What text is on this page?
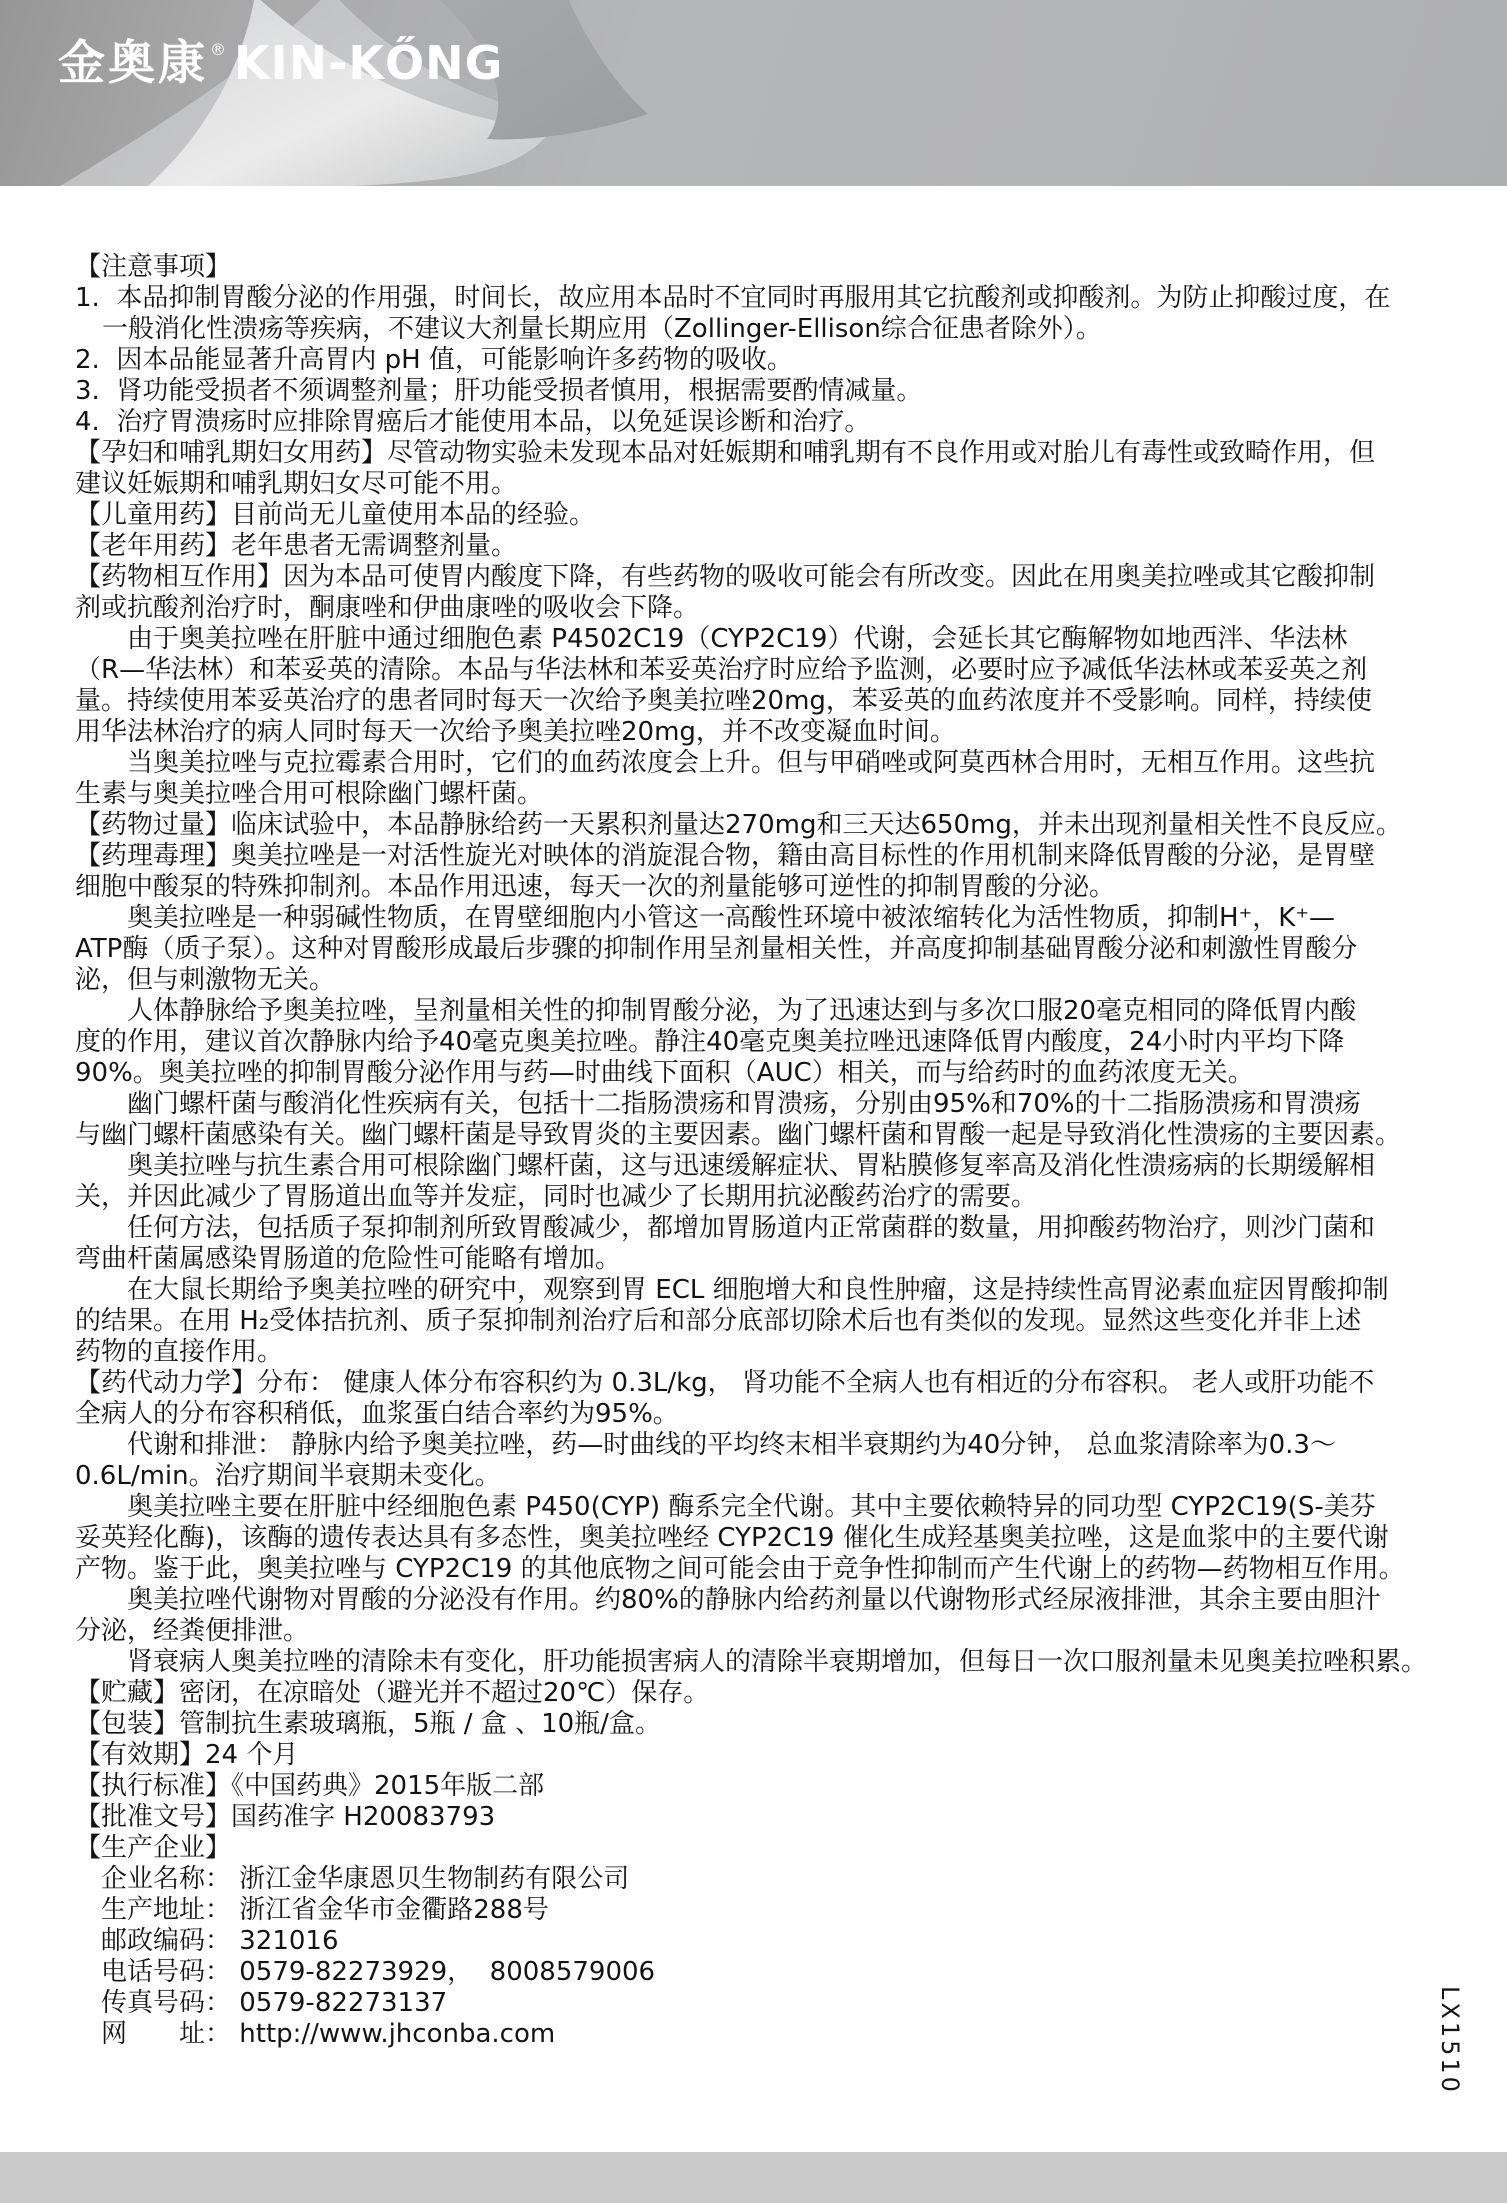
金奥康 ® KIN-KŐNG
【注意事项】
1.  本品抑制胃酸分泌的作用强，时间长，故应用本品时不宜同时再服用其它抗酸剂或抑酸剂。为防止抑酸过度，在
一般消化性溃疡等疾病，不建议大剂量长期应用（Zollinger-Ellison综合征患者除外）。
2.  因本品能显著升高胃内 pH 值，可能影响许多药物的吸收。
3.  肾功能受损者不须调整剂量；肝功能受损者慎用，根据需要酌情减量。
4.  治疗胃溃疡时应排除胃癌后才能使用本品，以免延误诊断和治疗。
【孕妇和哺乳期妇女用药】尽管动物实验未发现本品对妊娠期和哺乳期有不良作用或对胎儿有毒性或致畸作用，但
建议妊娠期和哺乳期妇女尽可能不用。
【儿童用药】目前尚无儿童使用本品的经验。
【老年用药】老年患者无需调整剂量。
【药物相互作用】因为本品可使胃内酸度下降，有些药物的吸收可能会有所改变。因此在用奥美拉唑或其它酸抑制
剂或抗酸剂治疗时，酮康唑和伊曲康唑的吸收会下降。
由于奥美拉唑在肝脏中通过细胞色素 P4502C19（CYP2C19）代谢，会延长其它酶解物如地西泮、华法林
（R—华法林）和苯妥英的清除。本品与华法林和苯妥英治疗时应给予监测，必要时应予减低华法林或苯妥英之剂
量。持续使用苯妥英治疗的患者同时每天一次给予奥美拉唑20mg，苯妥英的血药浓度并不受影响。同样，持续使
用华法林治疗的病人同时每天一次给予奥美拉唑20mg，并不改变凝血时间。
当奥美拉唑与克拉霉素合用时，它们的血药浓度会上升。但与甲硝唑或阿莫西林合用时，无相互作用。这些抗
生素与奥美拉唑合用可根除幽门螺杆菌。
【药物过量】临床试验中，本品静脉给药一天累积剂量达270mg和三天达650mg，并未出现剂量相关性不良反应。
【药理毒理】奥美拉唑是一对活性旋光对映体的消旋混合物，籍由高目标性的作用机制来降低胃酸的分泌，是胃壁
细胞中酸泵的特殊抑制剂。本品作用迅速，每天一次的剂量能够可逆性的抑制胃酸的分泌。
奥美拉唑是一种弱碱性物质，在胃壁细胞内小管这一高酸性环境中被浓缩转化为活性物质，抑制H⁺，K⁺—
ATP酶（质子泵）。这种对胃酸形成最后步骤的抑制作用呈剂量相关性，并高度抑制基础胃酸分泌和刺激性胃酸分
泌，但与刺激物无关。
人体静脉给予奥美拉唑，呈剂量相关性的抑制胃酸分泌，为了迅速达到与多次口服20毫克相同的降低胃内酸
度的作用，建议首次静脉内给予40毫克奥美拉唑。静注40毫克奥美拉唑迅速降低胃内酸度，24小时内平均下降
90%。奥美拉唑的抑制胃酸分泌作用与药—时曲线下面积（AUC）相关，而与给药时的血药浓度无关。
幽门螺杆菌与酸消化性疾病有关，包括十二指肠溃疡和胃溃疡，分别由95%和70%的十二指肠溃疡和胃溃疡
与幽门螺杆菌感染有关。幽门螺杆菌是导致胃炎的主要因素。幽门螺杆菌和胃酸一起是导致消化性溃疡的主要因素。
奥美拉唑与抗生素合用可根除幽门螺杆菌，这与迅速缓解症状、胃粘膜修复率高及消化性溃疡病的长期缓解相
关，并因此减少了胃肠道出血等并发症，同时也减少了长期用抗泌酸药治疗的需要。
任何方法，包括质子泵抑制剂所致胃酸减少，都增加胃肠道内正常菌群的数量，用抑酸药物治疗，则沙门菌和
弯曲杆菌属感染胃肠道的危险性可能略有增加。
在大鼠长期给予奥美拉唑的研究中，观察到胃 ECL 细胞增大和良性肿瘤，这是持续性高胃泌素血症因胃酸抑制
的结果。在用 H₂受体拮抗剂、质子泵抑制剂治疗后和部分底部切除术后也有类似的发现。显然这些变化并非上述
药物的直接作用。
【药代动力学】分布： 健康人体分布容积约为 0.3L/kg， 肾功能不全病人也有相近的分布容积。 老人或肝功能不
全病人的分布容积稍低，血浆蛋白结合率约为95%。
代谢和排泄： 静脉内给予奥美拉唑，药—时曲线的平均终末相半衰期约为40分钟， 总血浆清除率为0.3～
0.6L/min。治疗期间半衰期未变化。
奥美拉唑主要在肝脏中经细胞色素 P450(CYP) 酶系完全代谢。其中主要依赖特异的同功型 CYP2C19(S-美芬
妥英羟化酶)，该酶的遗传表达具有多态性，奥美拉唑经 CYP2C19 催化生成羟基奥美拉唑，这是血浆中的主要代谢
产物。鉴于此，奥美拉唑与 CYP2C19 的其他底物之间可能会由于竞争性抑制而产生代谢上的药物—药物相互作用。
奥美拉唑代谢物对胃酸的分泌没有作用。约80%的静脉内给药剂量以代谢物形式经尿液排泄，其余主要由胆汁
分泌，经粪便排泄。
肾衰病人奥美拉唑的清除未有变化，肝功能损害病人的清除半衰期增加，但每日一次口服剂量未见奥美拉唑积累。
【贮藏】密闭，在凉暗处（避光并不超过20℃）保存。
【包装】管制抗生素玻璃瓶，5瓶 / 盒 、10瓶/盒。
【有效期】24 个月
【执行标准】《中国药典》2015年版二部
【批准文号】国药准字 H20083793
【生产企业】
企业名称： 浙江金华康恩贝生物制药有限公司
生产地址： 浙江省金华市金衢路288号
邮政编码： 321016
电话号码： 0579-82273929，  8008579006
传真号码： 0579-82273137
网　　址： http://www.jhconba.com	LX1510
